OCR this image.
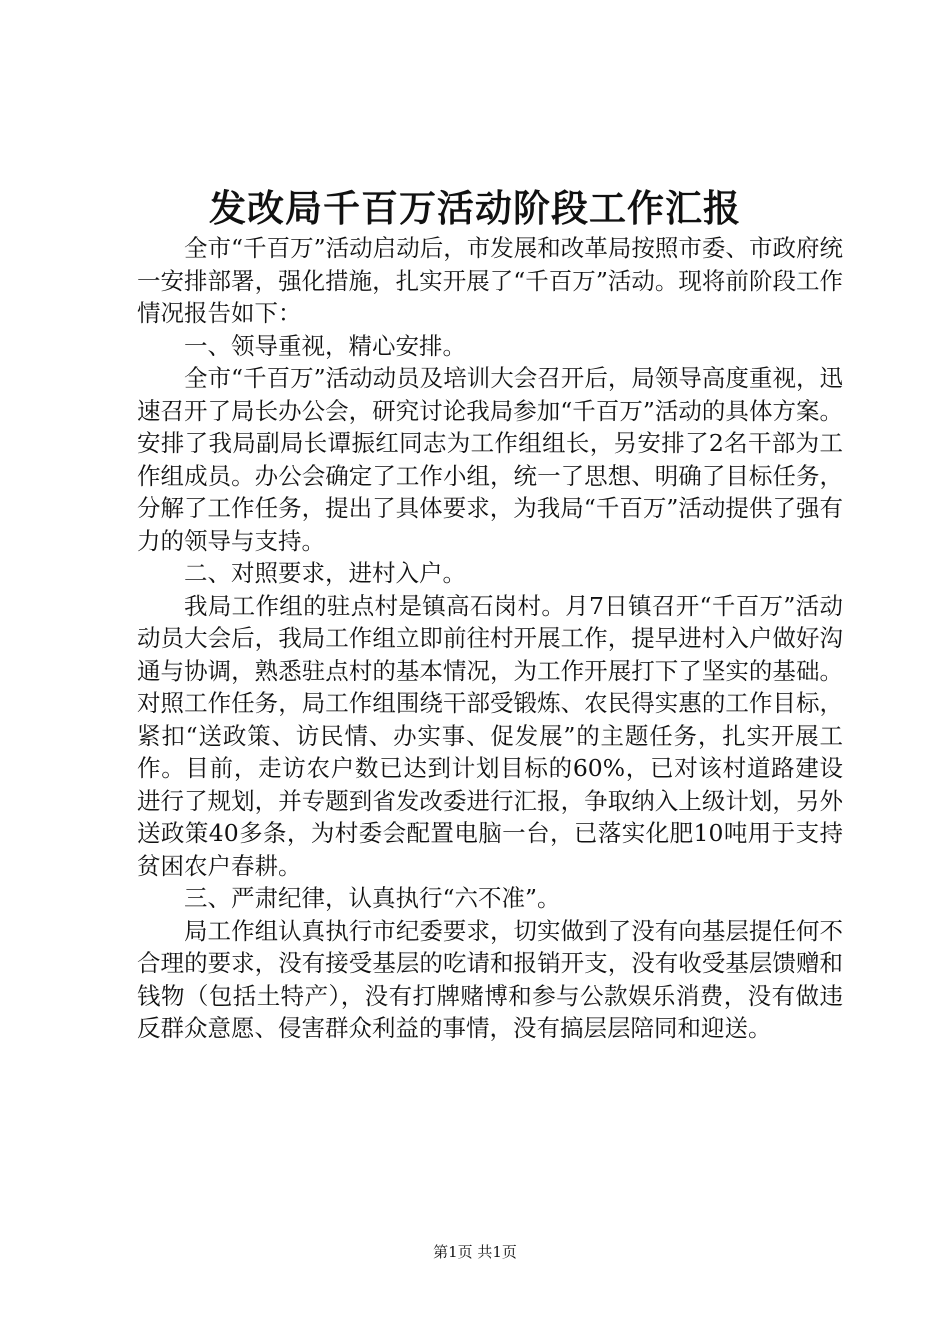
发改局千百万活动阶段工作汇报

全市“千百万”活动启动后，市发展和改革局按照市委、市政府统一安排部署，强化措施，扎实开展了“千百万”活动。现将前阶段工作情况报告如下：

一、领导重视，精心安排。

全市“千百万”活动动员及培训大会召开后，局领导高度重视，迅速召开了局长办公会，研究讨论我局参加“千百万”活动的具体方案。安排了我局副局长谭振红同志为工作组组长，另安排了2名干部为工作组成员。办公会确定了工作小组，统一了思想、明确了目标任务，分解了工作任务，提出了具体要求，为我局“千百万”活动提供了强有力的领导与支持。

二、对照要求，进村入户。

我局工作组的驻点村是镇高石岗村。月7日镇召开“千百万”活动动员大会后，我局工作组立即前往村开展工作，提早进村入户做好沟通与协调，熟悉驻点村的基本情况，为工作开展打下了坚实的基础。对照工作任务，局工作组围绕干部受锻炼、农民得实惠的工作目标，紧扣“送政策、访民情、办实事、促发展”的主题任务，扎实开展工作。目前，走访农户数已达到计划目标的60%，已对该村道路建设进行了规划，并专题到省发改委进行汇报，争取纳入上级计划，另外送政策40多条，为村委会配置电脑一台，已落实化肥10吨用于支持贫困农户春耕。

三、严肃纪律，认真执行“六不准”。

局工作组认真执行市纪委要求，切实做到了没有向基层提任何不合理的要求，没有接受基层的吃请和报销开支，没有收受基层馈赠和钱物（包括土特产），没有打牌赌博和参与公款娱乐消费，没有做违反群众意愿、侵害群众利益的事情，没有搞层层陪同和迎送。

第1页 共1页
